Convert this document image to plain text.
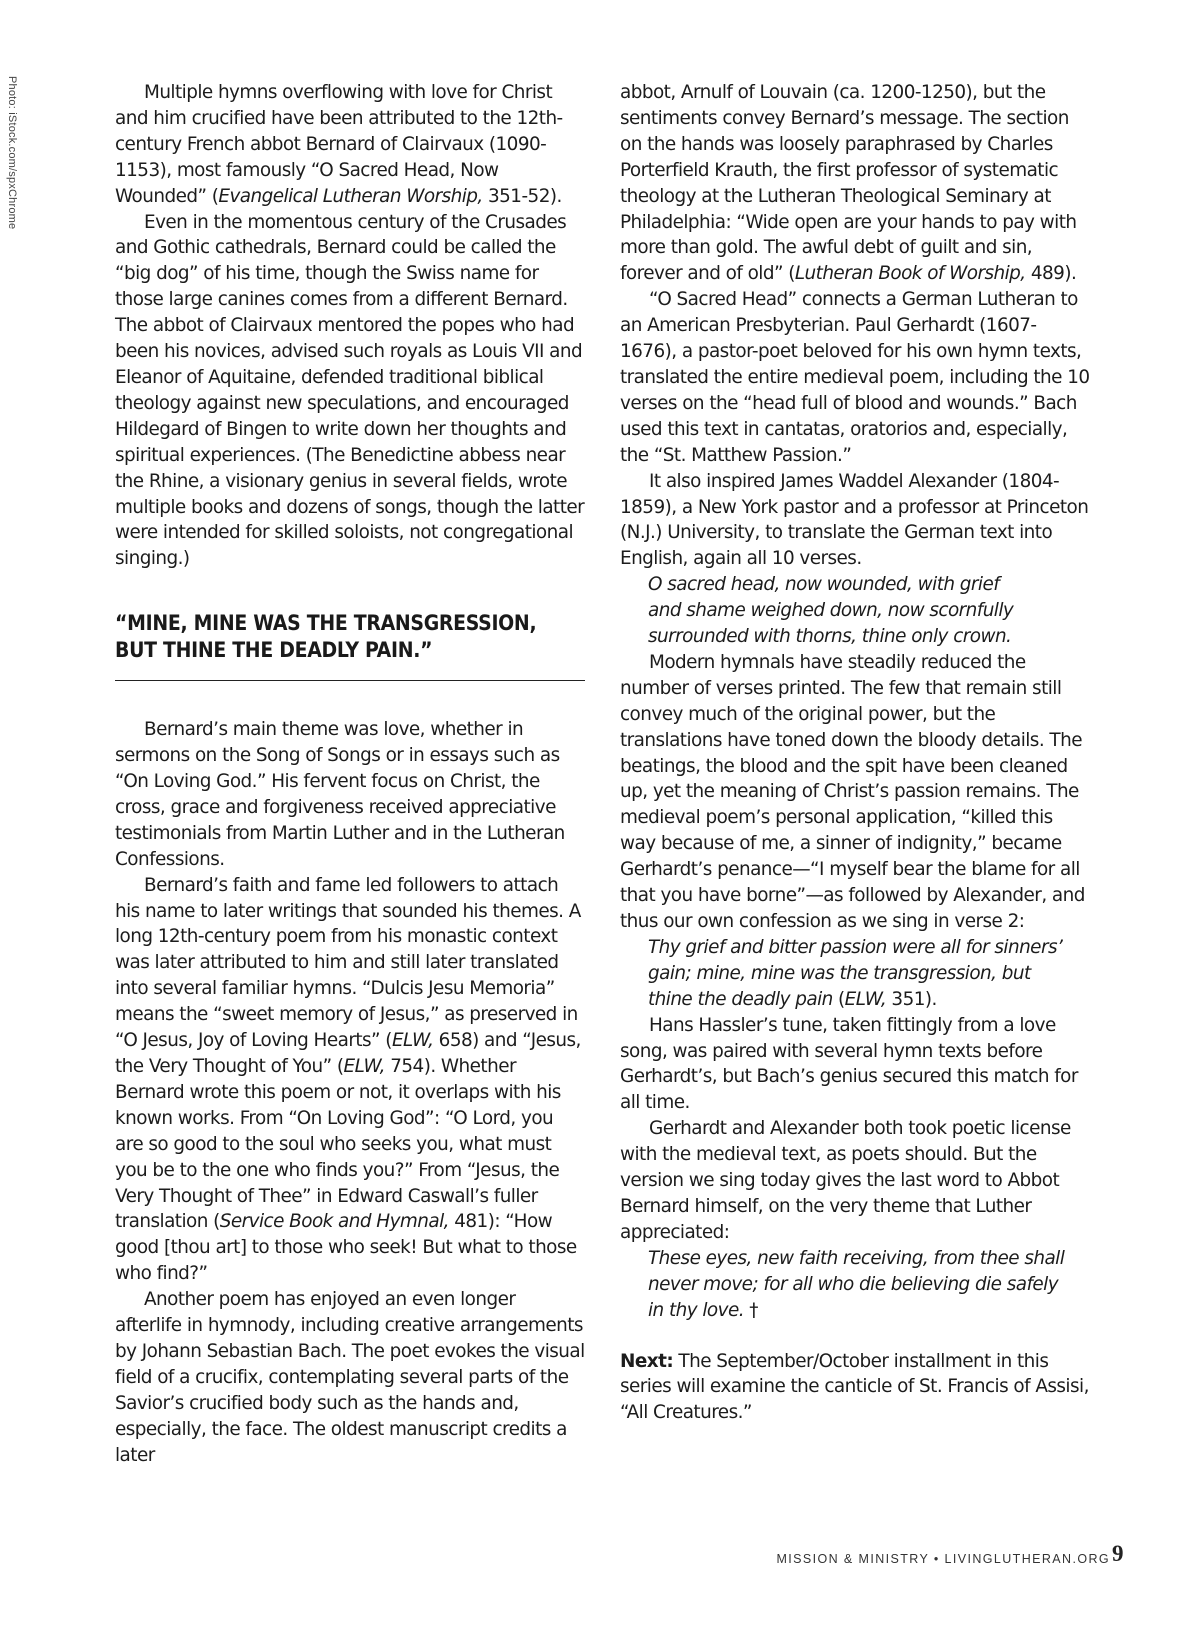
Photo: iStock.com/spxChrome	Multiple hymns overflowing with love for Christ and him crucified have been attributed to the 12th-century French abbot Bernard of Clairvaux (1090-1153), most famously “O Sacred Head, Now Wounded” (Evangelical Lutheran Worship, 351-52).

Even in the momentous century of the Crusades and Gothic cathedrals, Bernard could be called the “big dog” of his time, though the Swiss name for those large canines comes from a different Bernard. The abbot of Clairvaux mentored the popes who had been his novices, advised such royals as Louis VII and Eleanor of Aquitaine, defended traditional biblical theology against new speculations, and encouraged Hildegard of Bingen to write down her thoughts and spiritual experiences. (The Benedictine abbess near the Rhine, a visionary genius in several fields, wrote multiple books and dozens of songs, though the latter were intended for skilled soloists, not congregational singing.)

“MINE, MINE WAS THE TRANSGRESSION,
BUT THINE THE DEADLY PAIN.”

Bernard’s main theme was love, whether in sermons on the Song of Songs or in essays such as “On Loving God.” His fervent focus on Christ, the cross, grace and forgiveness received appreciative testimonials from Martin Luther and in the Lutheran Confessions.

Bernard’s faith and fame led followers to attach his name to later writings that sounded his themes. A long 12th-century poem from his monastic context was later attributed to him and still later translated into several familiar hymns. “Dulcis Jesu Memoria” means the “sweet memory of Jesus,” as preserved in “O Jesus, Joy of Loving Hearts” (ELW, 658) and “Jesus, the Very Thought of You” (ELW, 754). Whether Bernard wrote this poem or not, it overlaps with his known works. From “On Loving God”: “O Lord, you are so good to the soul who seeks you, what must you be to the one who finds you?” From “Jesus, the Very Thought of Thee” in Edward Caswall’s fuller translation (Service Book and Hymnal, 481): “How good [thou art] to those who seek! But what to those who find?”

Another poem has enjoyed an even longer afterlife in hymnody, including creative arrangements by Johann Sebastian Bach. The poet evokes the visual field of a crucifix, contemplating several parts of the Savior’s crucified body such as the hands and, especially, the face. The oldest manuscript credits a later

abbot, Arnulf of Louvain (ca. 1200-1250), but the sentiments convey Bernard’s message. The section on the hands was loosely paraphrased by Charles Porterfield Krauth, the first professor of systematic theology at the Lutheran Theological Seminary at Philadelphia: “Wide open are your hands to pay with more than gold. The awful debt of guilt and sin, forever and of old” (Lutheran Book of Worship, 489).

“O Sacred Head” connects a German Lutheran to an American Presbyterian. Paul Gerhardt (1607-1676), a pastor-poet beloved for his own hymn texts, translated the entire medieval poem, including the 10 verses on the “head full of blood and wounds.” Bach used this text in cantatas, oratorios and, especially, the “St. Matthew Passion.”

It also inspired James Waddel Alexander (1804-1859), a New York pastor and a professor at Princeton (N.J.) University, to translate the German text into English, again all 10 verses.

O sacred head, now wounded, with grief
and shame weighed down, now scornfully
surrounded with thorns, thine only crown.

Modern hymnals have steadily reduced the number of verses printed. The few that remain still convey much of the original power, but the translations have toned down the bloody details. The beatings, the blood and the spit have been cleaned up, yet the meaning of Christ’s passion remains. The medieval poem’s personal application, “killed this way because of me, a sinner of indignity,” became Gerhardt’s penance—“I myself bear the blame for all that you have borne”—as followed by Alexander, and thus our own confession as we sing in verse 2:

Thy grief and bitter passion were all for sinners’
gain; mine, mine was the transgression, but
thine the deadly pain (ELW, 351).

Hans Hassler’s tune, taken fittingly from a love song, was paired with several hymn texts before Gerhardt’s, but Bach’s genius secured this match for all time.

Gerhardt and Alexander both took poetic license with the medieval text, as poets should. But the version we sing today gives the last word to Abbot Bernard himself, on the very theme that Luther appreciated:

These eyes, new faith receiving, from thee shall
never move; for all who die believing die safely
in thy love. †

Next: The September/October installment in this series will examine the canticle of St. Francis of Assisi, “All Creatures.”

MISSION & MINISTRY • LIVINGLUTHERAN.ORG 9
